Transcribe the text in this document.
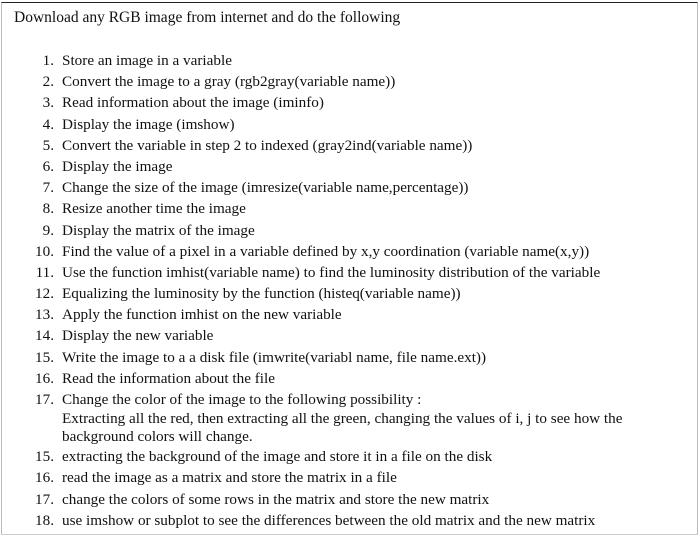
Download any RGB image from internet and do the following
1. Store an image in a variable
2. Convert the image to a gray (rgb2gray(variable name))
3. Read information about the image (iminfo)
4. Display the image (imshow)
5. Convert the variable in step 2 to indexed (gray2ind(variable name))
6. Display the image
7. Change the size of the image (imresize(variable name,percentage))
8. Resize another time the image
9. Display the matrix of the image
10. Find the value of a pixel in a variable defined by x,y coordination (variable name(x,y))
11. Use the function imhist(variable name) to find the luminosity distribution of the variable
12. Equalizing the luminosity by the function (histeq(variable name))
13. Apply the function imhist on the new variable
14. Display the new variable
15. Write the image to a a disk file (imwrite(variabl name, file name.ext))
16. Read the information about the file
17. Change the color of the image to the following possibility :
Extracting all the red, then extracting all the green, changing the values of i, j to see how the background colors will change.
15. extracting the background of the image and store it in a file on the disk
16. read the image as a matrix and store the matrix in a file
17. change the colors of some rows in the matrix and store the new matrix
18. use imshow or subplot to see the differences between the old matrix and the new matrix
